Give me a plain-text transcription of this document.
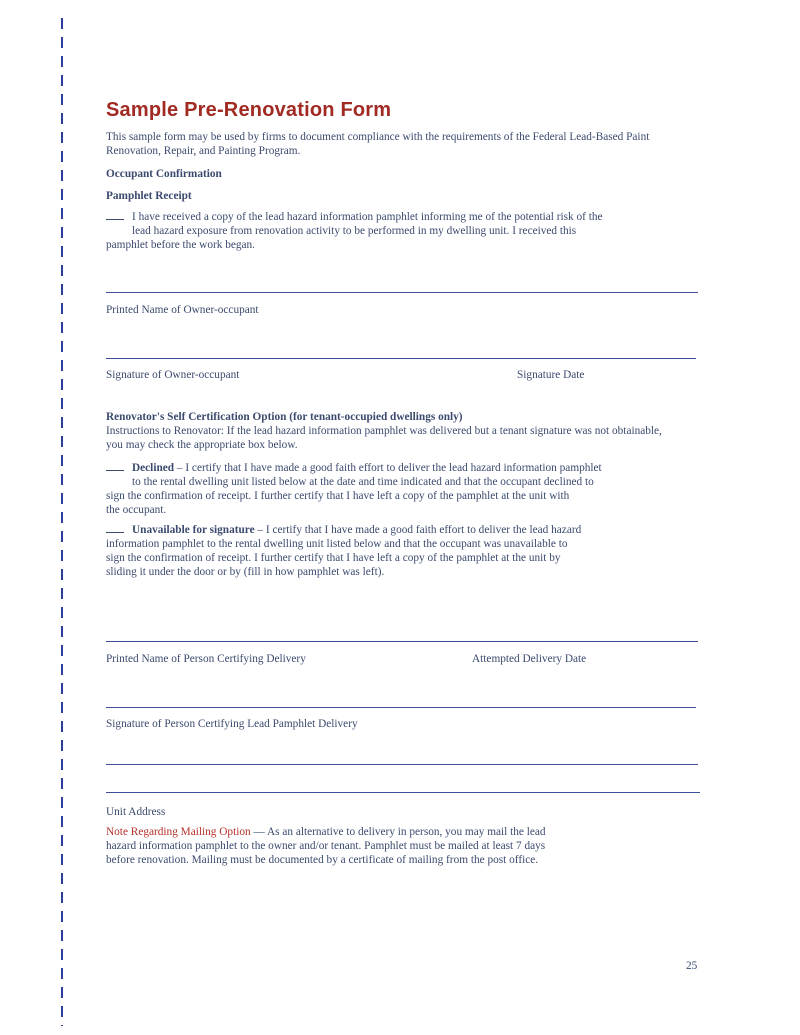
Sample Pre-Renovation Form

This sample form may be used by firms to document compliance with the requirements of the Federal Lead-Based Paint Renovation, Repair, and Painting Program.

Occupant Confirmation

Pamphlet Receipt

I have received a copy of the lead hazard information pamphlet informing me of the potential risk of the
lead hazard exposure from renovation activity to be performed in my dwelling unit. I received this
pamphlet before the work began.

Printed Name of Owner-occupant

Signature of Owner-occupant	Signature Date

Renovator's Self Certification Option (for tenant-occupied dwellings only)

Instructions to Renovator: If the lead hazard information pamphlet was delivered but a tenant signature was not obtainable, you may check the appropriate box below.

Declined – I certify that I have made a good faith effort to deliver the lead hazard information pamphlet
to the rental dwelling unit listed below at the date and time indicated and that the occupant declined to
sign the confirmation of receipt. I further certify that I have left a copy of the pamphlet at the unit with
the occupant.
Unavailable for signature – I certify that I have made a good faith effort to deliver the lead hazard
information pamphlet to the rental dwelling unit listed below and that the occupant was unavailable to
sign the confirmation of receipt. I further certify that I have left a copy of the pamphlet at the unit by
sliding it under the door or by (fill in how pamphlet was left).

Printed Name of Person Certifying Delivery	Attempted Delivery Date

Signature of Person Certifying Lead Pamphlet Delivery

Unit Address

Note Regarding Mailing Option — As an alternative to delivery in person, you may mail the lead
hazard information pamphlet to the owner and/or tenant. Pamphlet must be mailed at least 7 days
before renovation. Mailing must be documented by a certificate of mailing from the post office.

25
